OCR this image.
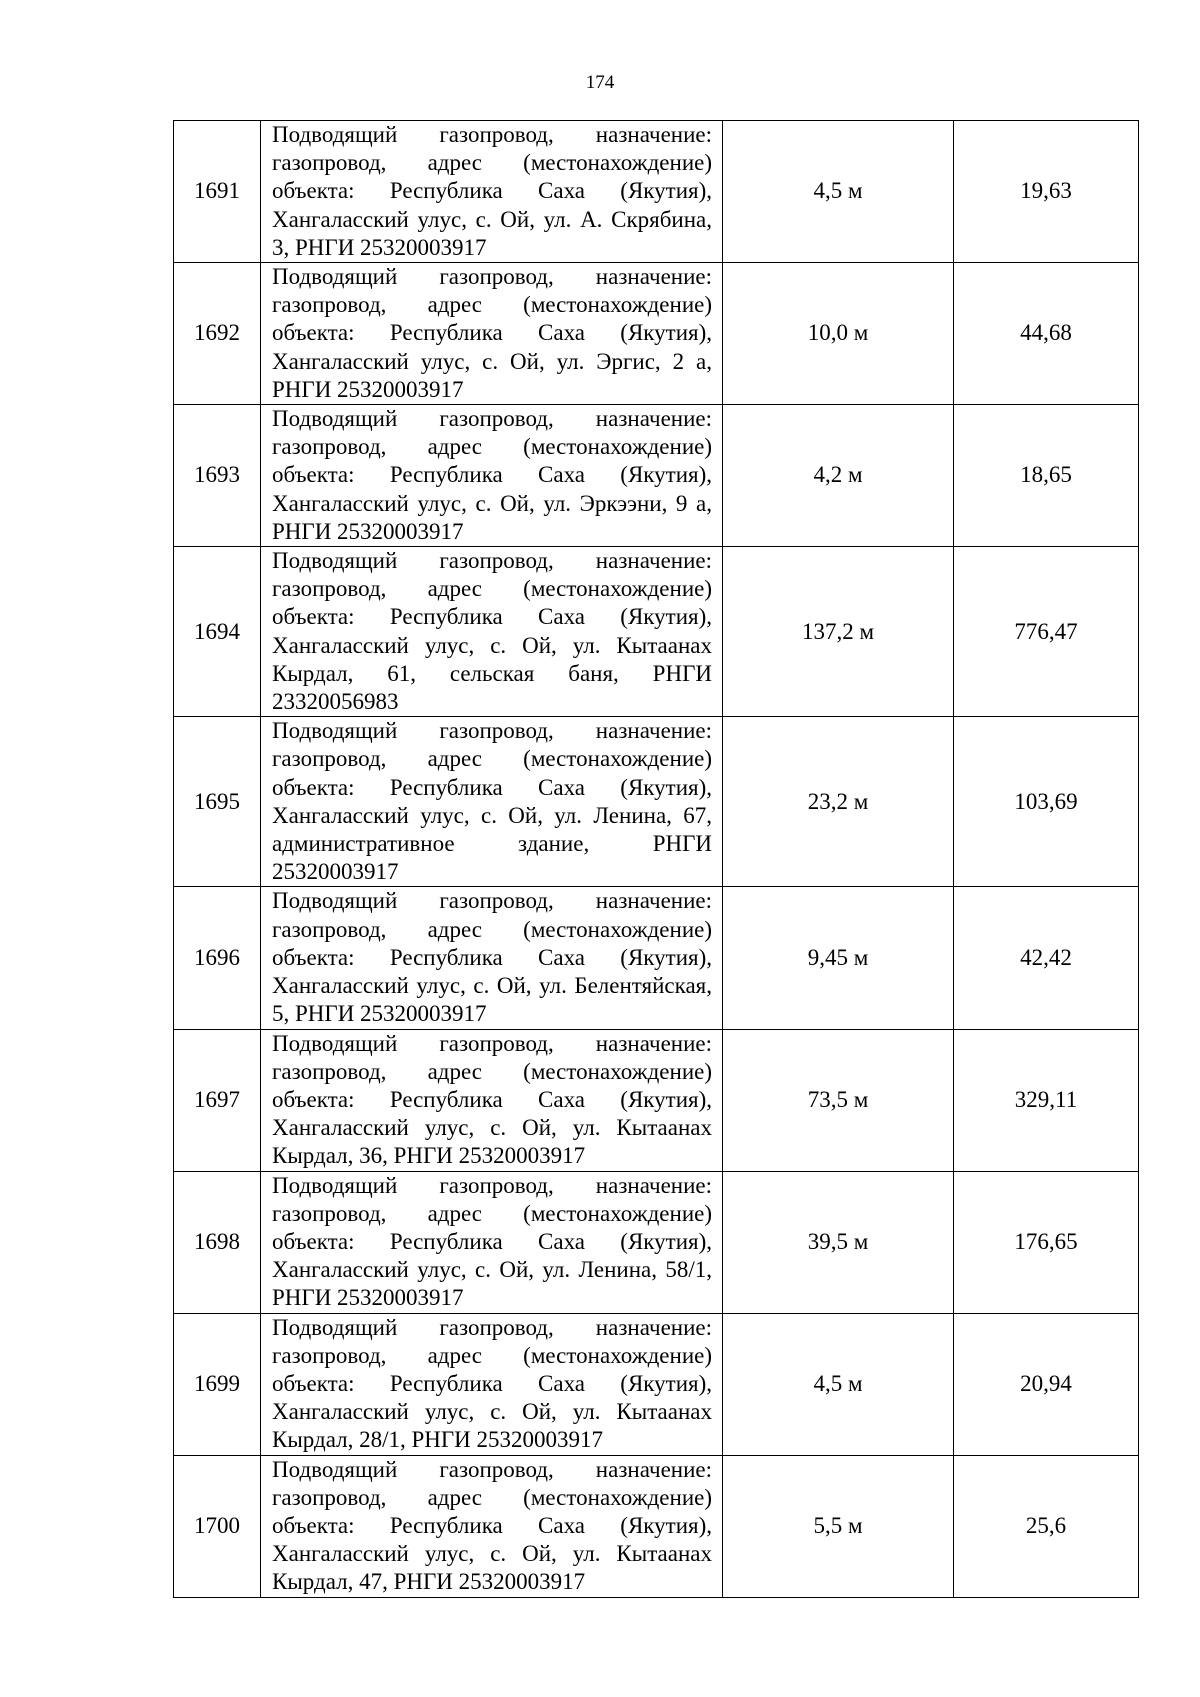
174
1691	Подводящий газопровод, назначение: газопровод, адрес (местонахождение) объекта: Республика Саха (Якутия), Хангаласский улус, с. Ой, ул. А. Скрябина, 3, РНГИ 25320003917	4,5 м	19,63
1692	Подводящий газопровод, назначение: газопровод, адрес (местонахождение) объекта: Республика Саха (Якутия), Хангаласский улус, с. Ой, ул. Эргис, 2 а, РНГИ 25320003917	10,0 м	44,68
1693	Подводящий газопровод, назначение: газопровод, адрес (местонахождение) объекта: Республика Саха (Якутия), Хангаласский улус, с. Ой, ул. Эркээни, 9 а, РНГИ 25320003917	4,2 м	18,65
1694	Подводящий газопровод, назначение: газопровод, адрес (местонахождение) объекта: Республика Саха (Якутия), Хангаласский улус, с. Ой, ул. Кытаанах Кырдал, 61, сельская баня, РНГИ 23320056983	137,2 м	776,47
1695	Подводящий газопровод, назначение: газопровод, адрес (местонахождение) объекта: Республика Саха (Якутия), Хангаласский улус, с. Ой, ул. Ленина, 67, административное здание, РНГИ 25320003917	23,2 м	103,69
1696	Подводящий газопровод, назначение: газопровод, адрес (местонахождение) объекта: Республика Саха (Якутия), Хангаласский улус, с. Ой, ул. Белентяйская, 5, РНГИ 25320003917	9,45 м	42,42
1697	Подводящий газопровод, назначение: газопровод, адрес (местонахождение) объекта: Республика Саха (Якутия), Хангаласский улус, с. Ой, ул. Кытаанах Кырдал, 36, РНГИ 25320003917	73,5 м	329,11
1698	Подводящий газопровод, назначение: газопровод, адрес (местонахождение) объекта: Республика Саха (Якутия), Хангаласский улус, с. Ой, ул. Ленина, 58/1, РНГИ 25320003917	39,5 м	176,65
1699	Подводящий газопровод, назначение: газопровод, адрес (местонахождение) объекта: Республика Саха (Якутия), Хангаласский улус, с. Ой, ул. Кытаанах Кырдал, 28/1, РНГИ 25320003917	4,5 м	20,94
1700	Подводящий газопровод, назначение: газопровод, адрес (местонахождение) объекта: Республика Саха (Якутия), Хангаласский улус, с. Ой, ул. Кытаанах Кырдал, 47, РНГИ 25320003917	5,5 м	25,6
